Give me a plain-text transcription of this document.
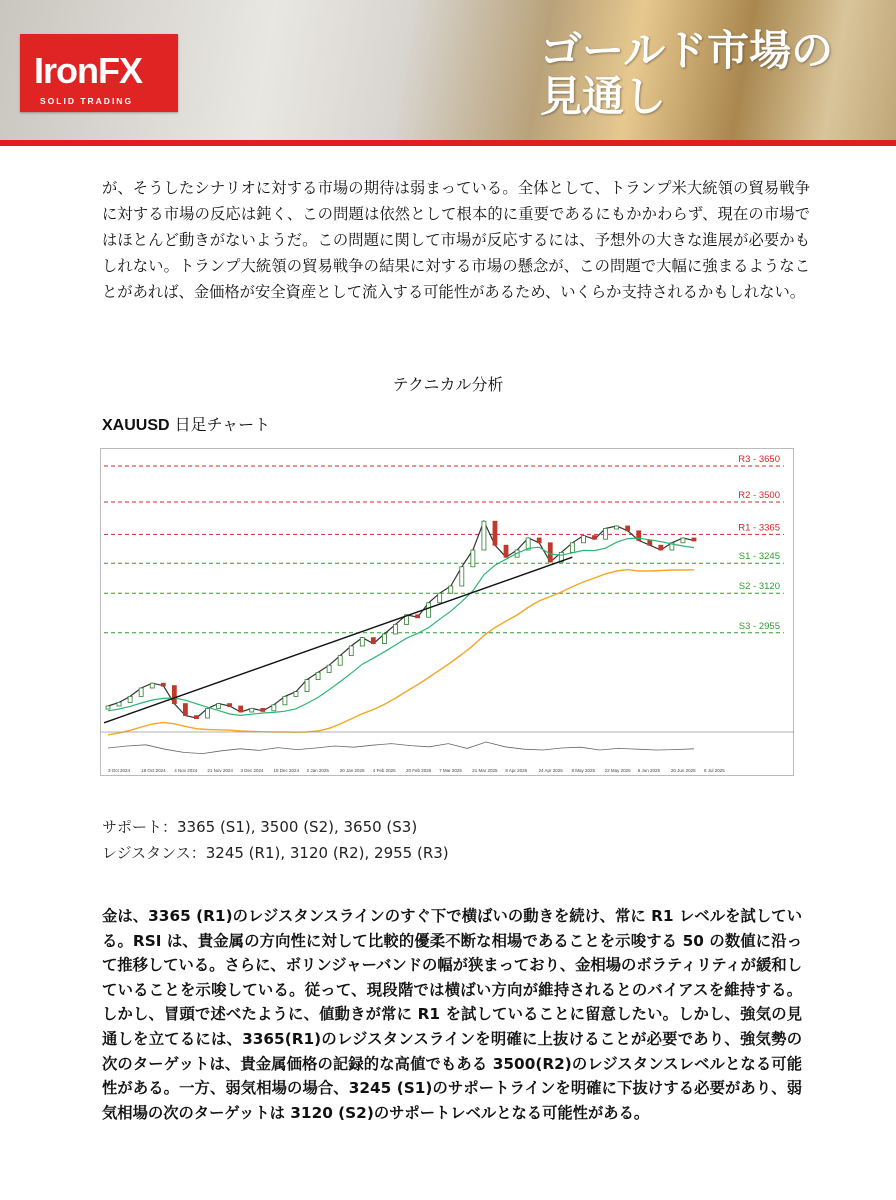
IronFX
SOLID TRADING
ゴールド市場の
見通し

が、そうしたシナリオに対する市場の期待は弱まっている。全体として、トランプ米大統領の貿易戦争に対する市場の反応は鈍く、この問題は依然として根本的に重要であるにもかかわらず、現在の市場ではほとんど動きがないようだ。この問題に関して市場が反応するには、予想外の大きな進展が必要かもしれない。トランプ大統領の貿易戦争の結果に対する市場の懸念が、この問題で大幅に強まるようなことがあれば、金価格が安全資産として流入する可能性があるため、いくらか支持されるかもしれない。

テクニカル分析
XAUUSD 日足チャート
R3 - 3650
R2 - 3500
R1 - 3365
S1 - 3245
S2 - 3120
S3 - 2955
3 Oct 2024 18 Oct 2024 4 Nov 2024 21 Nov 2024 3 Dec 2024 18 Dec 2024 2 Jan 2025 20 Jan 2025 4 Feb 2025 20 Feb 2025 7 Mar 2025 21 Mar 2025 8 Apr 2025	24 Apr 2025 8 May 2025 22 May 2025 6 Jun 2025 20 Jun 2025 8 Jul 2025
サポート：3365 (S1), 3500 (S2), 3650 (S3)
レジスタンス：3245 (R1), 3120 (R2), 2955 (R3)

金は、3365 (R1)のレジスタンスラインのすぐ下で横ばいの動きを続け、常に R1 レベルを試している。RSI は、貴金属の方向性に対して比較的優柔不断な相場であることを示唆する 50 の数値に沿って推移している。さらに、ボリンジャーバンドの幅が狭まっており、金相場のボラティリティが緩和していることを示唆している。従って、現段階では横ばい方向が維持されるとのバイアスを維持する。しかし、冒頭で述べたように、値動きが常に R1 を試していることに留意したい。しかし、強気の見通しを立てるには、3365(R1)のレジスタンスラインを明確に上抜けることが必要であり、強気勢の次のターゲットは、貴金属価格の記録的な高値でもある 3500(R2)のレジスタンスレベルとなる可能性がある。一方、弱気相場の場合、3245 (S1)のサポートラインを明確に下抜けする必要があり、弱気相場の次のターゲットは 3120 (S2)のサポートレベルとなる可能性がある。
